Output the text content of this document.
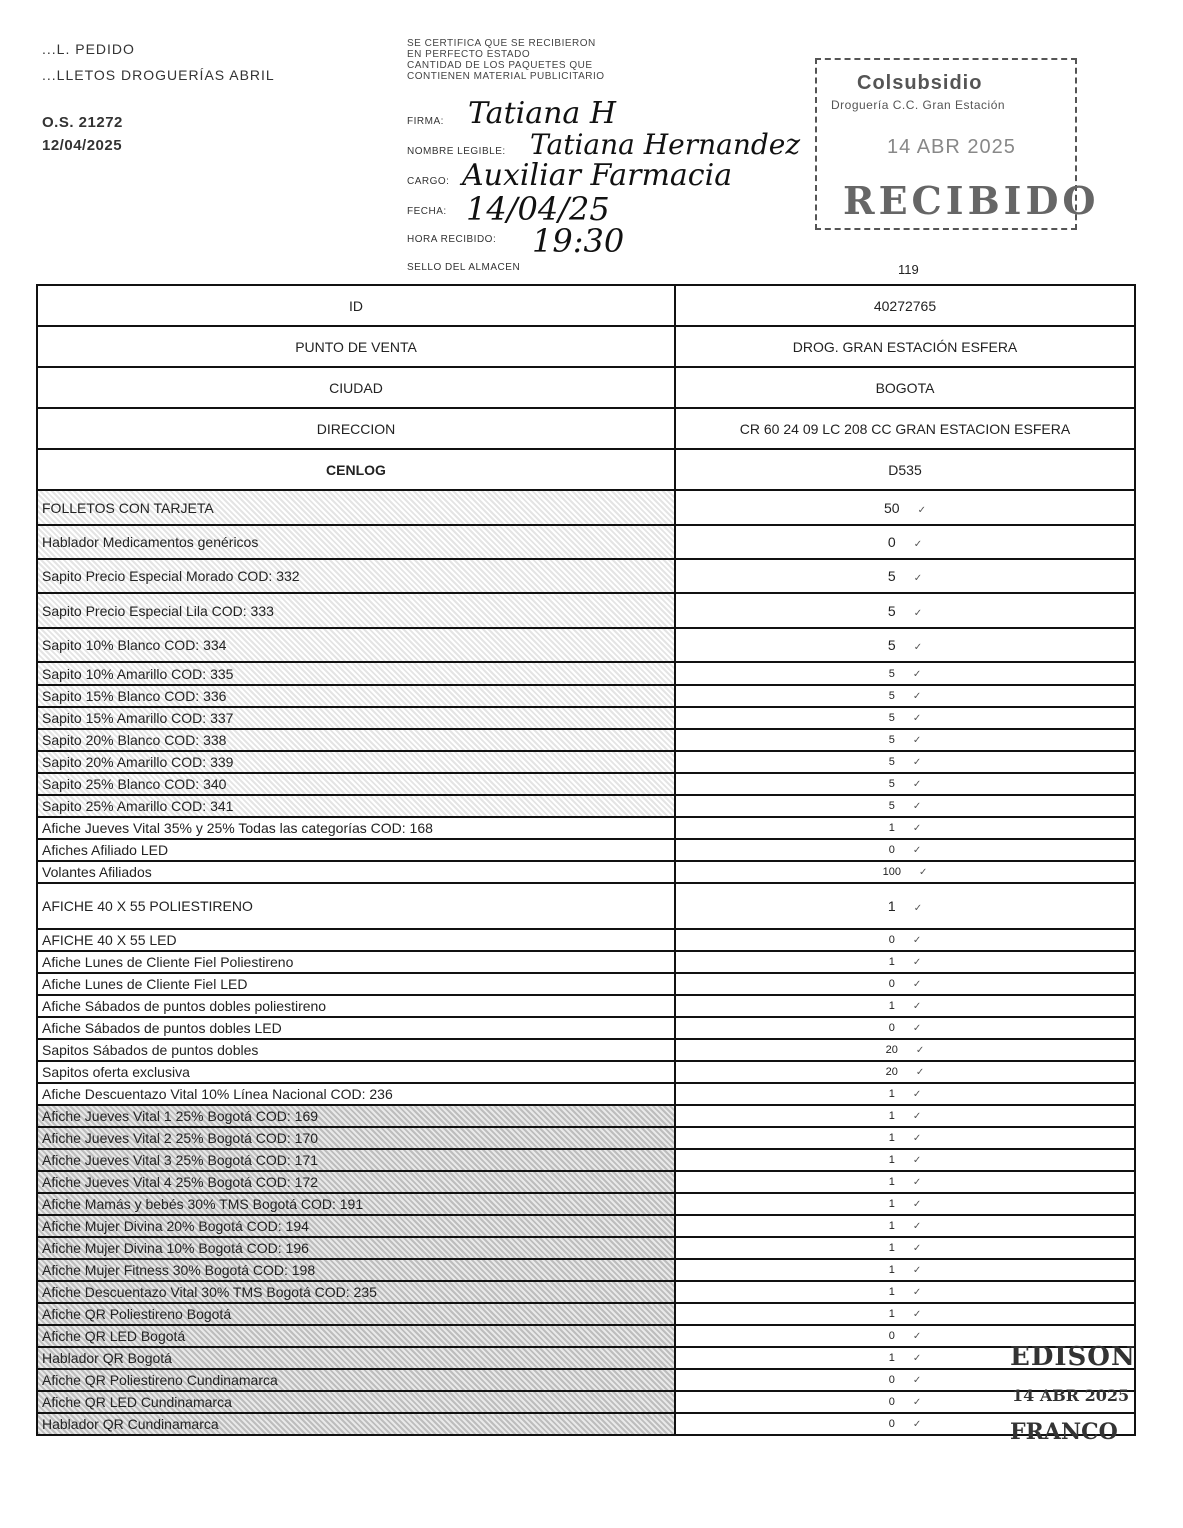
...L. PEDIDO
...LLETOS DROGUERÍAS ABRIL
O.S. 21272
12/04/2025
SE CERTIFICA QUE SE RECIBIERON
EN PERFECTO ESTADO
CANTIDAD DE LOS PAQUETES QUE
CONTIENEN MATERIAL PUBLICITARIO
FIRMA: Tatiana H
NOMBRE LEGIBLE: Tatiana Hernandez
CARGO: Auxiliar Farmacia
FECHA: 14/04/25
HORA RECIBIDO: 19:30
SELLO DEL ALMACEN
Colsubsidio
Droguería C.C. Gran Estación
14 ABR 2025
RECIBIDO
119
ID	40272765
PUNTO DE VENTA	DROG. GRAN ESTACIÓN ESFERA
CIUDAD	BOGOTA
DIRECCION	CR 60 24 09 LC 208 CC GRAN ESTACION ESFERA
CENLOG	D535
FOLLETOS CON TARJETA	50 ✓
Hablador Medicamentos genéricos	0 ✓
Sapito Precio Especial Morado COD: 332	5 ✓
Sapito Precio Especial Lila COD: 333	5 ✓
Sapito 10% Blanco COD: 334	5 ✓
Sapito 10% Amarillo COD: 335	5 ✓
Sapito 15% Blanco COD: 336	5 ✓
Sapito 15% Amarillo COD: 337	5 ✓
Sapito 20% Blanco COD: 338	5 ✓
Sapito 20% Amarillo COD: 339	5 ✓
Sapito 25% Blanco COD: 340	5 ✓
Sapito 25% Amarillo COD: 341	5 ✓
Afiche Jueves Vital 35% y 25% Todas las categorías COD: 168	1 ✓
Afiches Afiliado LED	0 ✓
Volantes Afiliados	100 ✓
AFICHE 40 X 55 POLIESTIRENO	1 ✓
AFICHE 40 X 55 LED	0 ✓
Afiche Lunes de Cliente Fiel Poliestireno	1 ✓
Afiche Lunes de Cliente Fiel LED	0 ✓
Afiche Sábados de puntos dobles poliestireno	1 ✓
Afiche Sábados de puntos dobles LED	0 ✓
Sapitos Sábados de puntos dobles	20 ✓
Sapitos oferta exclusiva	20 ✓
Afiche Descuentazo Vital 10% Línea Nacional COD: 236	1 ✓
Afiche Jueves Vital 1 25% Bogotá COD: 169	1 ✓
Afiche Jueves Vital 2 25% Bogotá COD: 170	1 ✓
Afiche Jueves Vital 3 25% Bogotá COD: 171	1 ✓
Afiche Jueves Vital 4 25% Bogotá COD: 172	1 ✓
Afiche Mamás y bebés 30% TMS Bogotá COD: 191	1 ✓
Afiche Mujer Divina 20% Bogotá COD: 194	1 ✓
Afiche Mujer Divina 10% Bogotá COD: 196	1 ✓
Afiche Mujer Fitness 30% Bogotá COD: 198	1 ✓
Afiche Descuentazo Vital 30% TMS Bogotá COD: 235	1 ✓
Afiche QR Poliestireno Bogotá	1 ✓
Afiche QR LED Bogotá	0 ✓
Hablador QR Bogotá	1 ✓
Afiche QR Poliestireno Cundinamarca	0 ✓
Afiche QR LED Cundinamarca	0 ✓
Hablador QR Cundinamarca	0 ✓
EDISON
14 ABR 2025
FRANCO
